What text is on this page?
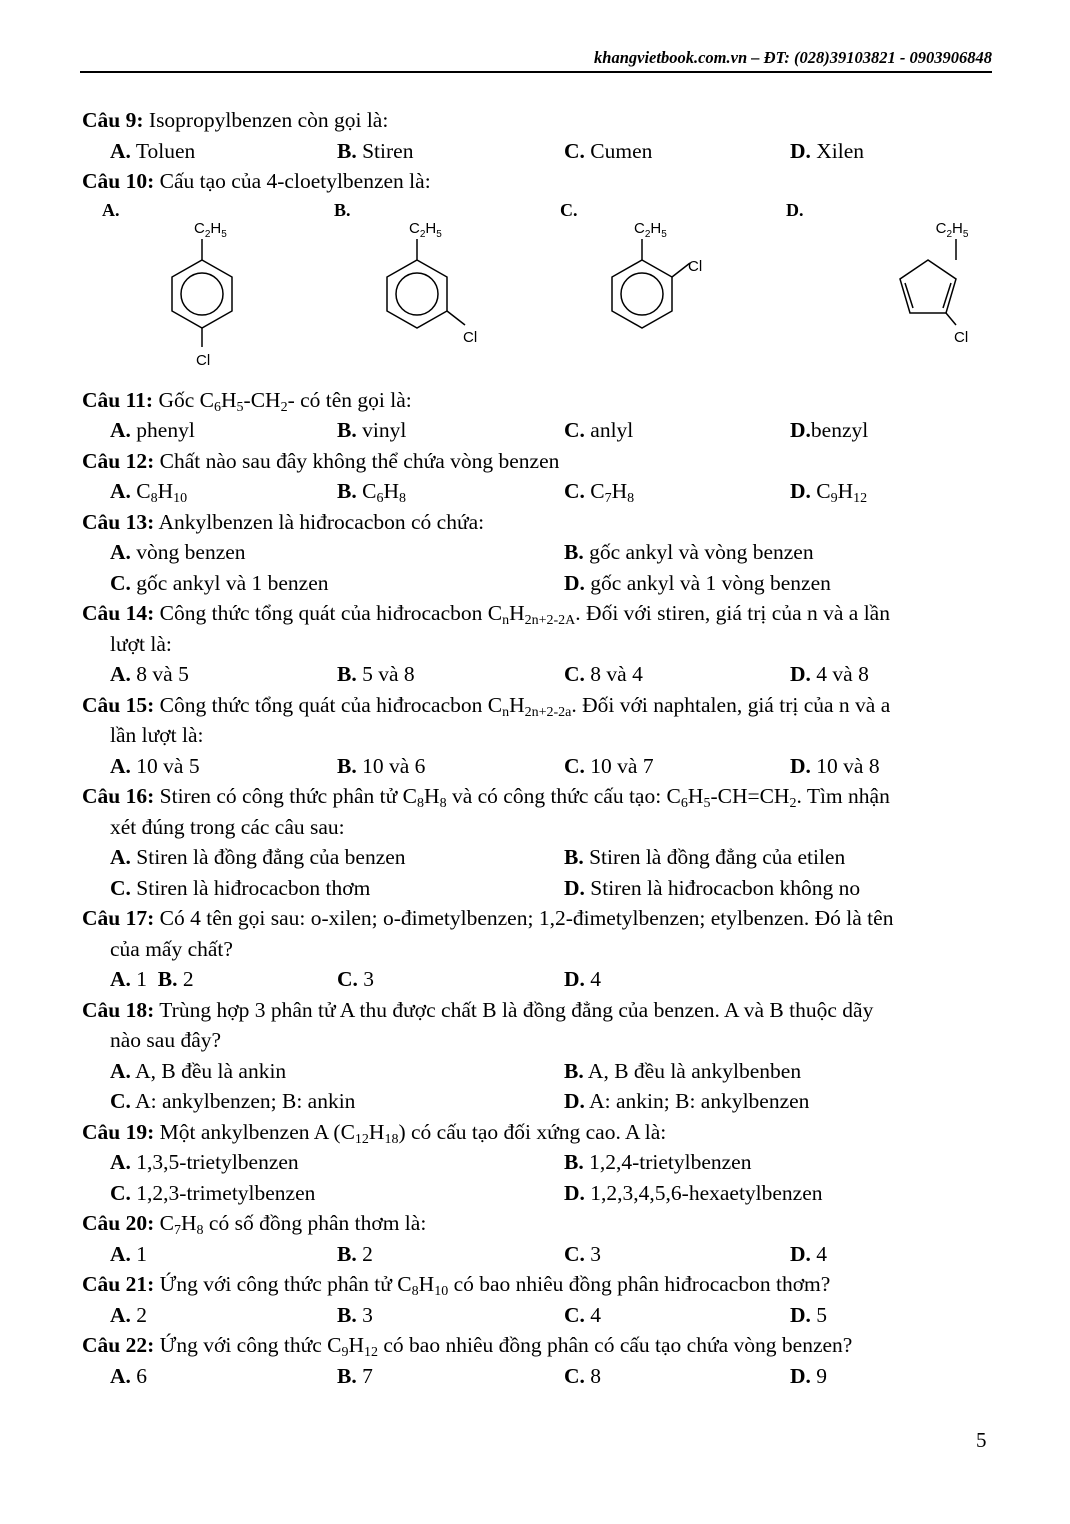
khangvietbook.com.vn – ĐT: (028)39103821 - 0903906848

Câu 9: Isopropylbenzen còn gọi là:

A. Toluen	B. Stiren	C. Cumen	D. Xilen

Câu 10: Cấu tạo của 4-cloetylbenzen là:

A.	B.	C.	D.
$C_2H_5$
Cl
$C_2H_5$
Cl
$C_2H_5$
Cl
$C_2H_5$
Cl

Câu 11: Gốc $C_6H_5-CH_2-$ có tên gọi là:

A. phenyl	B. vinyl	C. anlyl	D.benzyl

Câu 12: Chất nào sau đây không thể chứa vòng benzen

A. $C_8H_{10}$	B. $C_6H_8$	C. $C_7H_8$	D. $C_9H_{12}$

Câu 13: Ankylbenzen là hiđrocacbon có chứa:

A. vòng benzen	B. gốc ankyl và vòng benzen
C. gốc ankyl và 1 benzen	D. gốc ankyl và 1 vòng benzen

Câu 14: Công thức tổng quát của hiđrocacbon $C_nH_{2n+2-2A}$. Đối với stiren, giá trị của n và a lần

lượt là:
A. 8 và 5	B. 5 và 8	C. 8 và 4	D. 4 và 8

Câu 15: Công thức tổng quát của hiđrocacbon $C_nH_{2n+2-2a}$. Đối với naphtalen, giá trị của n và a

lần lượt là:
A. 10 và 5	B. 10 và 6	C. 10 và 7	D. 10 và 8

Câu 16: Stiren có công thức phân tử $C_8H_8$ và có công thức cấu tạo: $C_6H_5-CH=CH_2$. Tìm nhận

xét đúng trong các câu sau:
A. Stiren là đồng đẳng của benzen	B. Stiren là đồng đẳng của etilen
C. Stiren là hiđrocacbon thơm	D. Stiren là hiđrocacbon không no

Câu 17: Có 4 tên gọi sau: o-xilen; o-đimetylbenzen; 1,2-đimetylbenzen; etylbenzen. Đó là tên

của mấy chất?
A. 1 B. 2	C. 3	D. 4

Câu 18: Trùng hợp 3 phân tử A thu được chất B là đồng đẳng của benzen. A và B thuộc dãy

nào sau đây?
A. A, B đều là ankin	B. A, B đều là ankylbenben
C. A: ankylbenzen; B: ankin	D. A: ankin; B: ankylbenzen

Câu 19: Một ankylbenzen A $(C_{12}H_{18})$ có cấu tạo đối xứng cao. A là:

A. 1,3,5-trietylbenzen	B. 1,2,4-trietylbenzen
C. 1,2,3-trimetylbenzen	D. 1,2,3,4,5,6-hexaetylbenzen

Câu 20: $C_7H_8$ có số đồng phân thơm là:

A. 1	B. 2	C. 3	D. 4

Câu 21: Ứng với công thức phân tử $C_8H_{10}$ có bao nhiêu đồng phân hiđrocacbon thơm?

A. 2	B. 3	C. 4	D. 5

Câu 22: Ứng với công thức $C_9H_{12}$ có bao nhiêu đồng phân có cấu tạo chứa vòng benzen?

A. 6	B. 7	C. 8	D. 9
5
